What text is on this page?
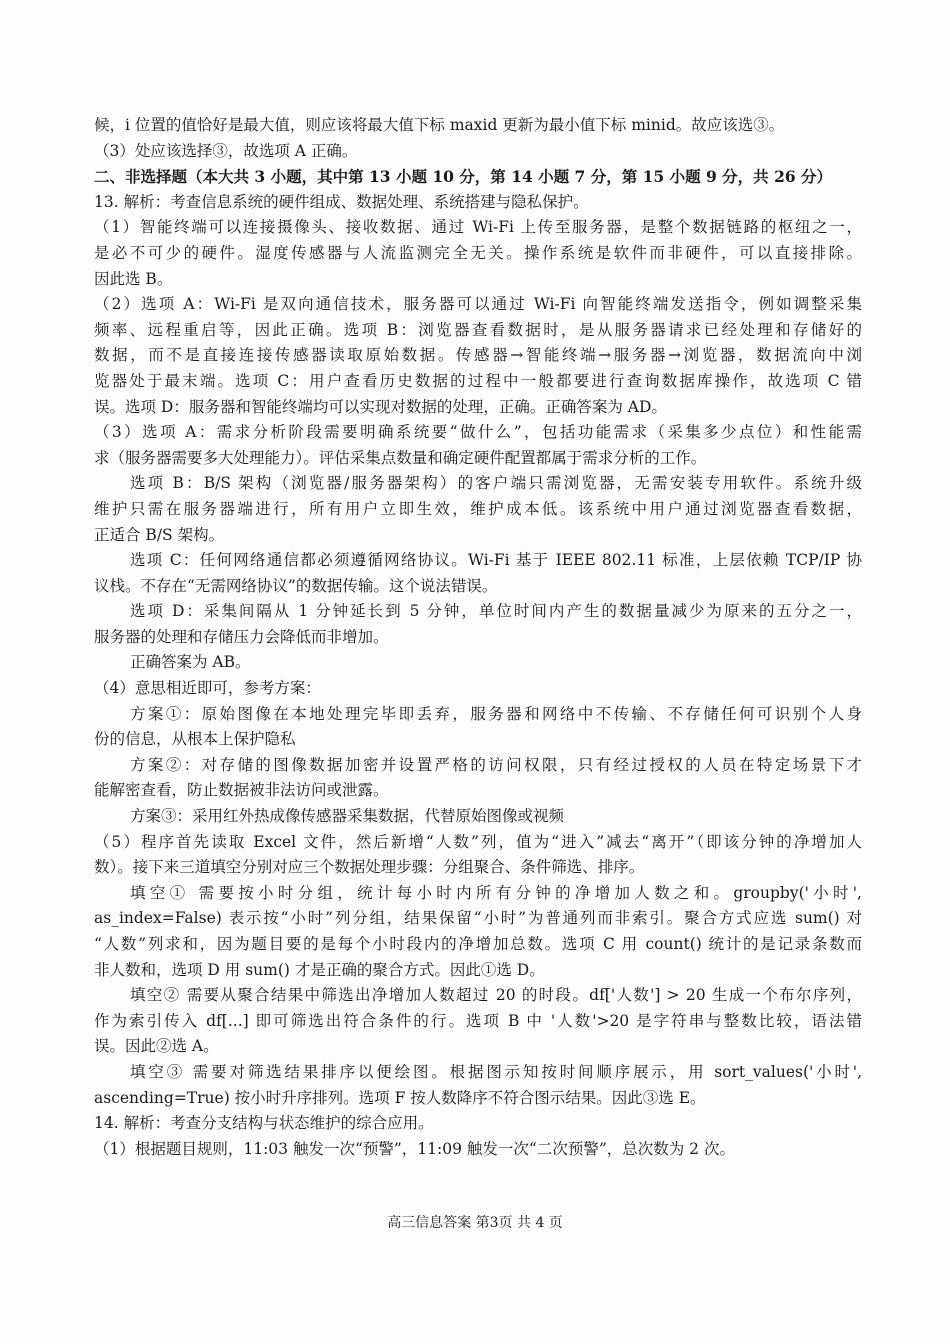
候，i 位置的值恰好是最大值，则应该将最大值下标 maxid 更新为最小值下标 minid。故应该选③。
（3）处应该选择③，故选项 A 正确。
二、非选择题（本大共 3 小题，其中第 13 小题 10 分，第 14 小题 7 分，第 15 小题 9 分，共 26 分）
13. 解析：考查信息系统的硬件组成、数据处理、系统搭建与隐私保护。
（1）智能终端可以连接摄像头、接收数据、通过 Wi-Fi 上传至服务器，是整个数据链路的枢纽之一，
是必不可少的硬件。湿度传感器与人流监测完全无关。操作系统是软件而非硬件，可以直接排除。
因此选 B。
（2）选项 A：Wi-Fi 是双向通信技术，服务器可以通过 Wi-Fi 向智能终端发送指令，例如调整采集
频率、远程重启等，因此正确。选项 B：浏览器查看数据时，是从服务器请求已经处理和存储好的
数据，而不是直接连接传感器读取原始数据。传感器→智能终端→服务器→浏览器，数据流向中浏
览器处于最末端。选项 C：用户查看历史数据的过程中一般都要进行查询数据库操作，故选项 C 错
误。选项 D：服务器和智能终端均可以实现对数据的处理，正确。正确答案为 AD。
（3）选项 A：需求分析阶段需要明确系统要“做什么”，包括功能需求（采集多少点位）和性能需
求（服务器需要多大处理能力）。评估采集点数量和确定硬件配置都属于需求分析的工作。
选项 B：B/S 架构（浏览器/服务器架构）的客户端只需浏览器，无需安装专用软件。系统升级
维护只需在服务器端进行，所有用户立即生效，维护成本低。该系统中用户通过浏览器查看数据，
正适合 B/S 架构。
选项 C：任何网络通信都必须遵循网络协议。Wi-Fi 基于 IEEE 802.11 标准，上层依赖 TCP/IP 协
议栈。不存在“无需网络协议”的数据传输。这个说法错误。
选项 D：采集间隔从 1 分钟延长到 5 分钟，单位时间内产生的数据量减少为原来的五分之一，
服务器的处理和存储压力会降低而非增加。
正确答案为 AB。
（4）意思相近即可，参考方案：
方案①：原始图像在本地处理完毕即丢弃，服务器和网络中不传输、不存储任何可识别个人身
份的信息，从根本上保护隐私
方案②：对存储的图像数据加密并设置严格的访问权限，只有经过授权的人员在特定场景下才
能解密查看，防止数据被非法访问或泄露。
方案③：采用红外热成像传感器采集数据，代替原始图像或视频
（5）程序首先读取 Excel 文件，然后新增“人数”列，值为“进入”减去“离开”（即该分钟的净增加人
数）。接下来三道填空分别对应三个数据处理步骤：分组聚合、条件筛选、排序。
填空① 需要按小时分组，统计每小时内所有分钟的净增加人数之和。groupby('小时',
as_index=False) 表示按“小时”列分组，结果保留“小时”为普通列而非索引。聚合方式应选 sum() 对
“人数”列求和，因为题目要的是每个小时段内的净增加总数。选项 C 用 count() 统计的是记录条数而
非人数和，选项 D 用 sum() 才是正确的聚合方式。因此①选 D。
填空② 需要从聚合结果中筛选出净增加人数超过 20 的时段。df['人数'] > 20 生成一个布尔序列，
作为索引传入 df[...] 即可筛选出符合条件的行。选项 B 中 '人数'>20 是字符串与整数比较，语法错
误。因此②选 A。
填空③ 需要对筛选结果排序以便绘图。根据图示知按时间顺序展示，用 sort_values('小时',
ascending=True) 按小时升序排列。选项 F 按人数降序不符合图示结果。因此③选 E。
14. 解析：考查分支结构与状态维护的综合应用。
（1）根据题目规则，11:03 触发一次“预警”，11:09 触发一次“二次预警”，总次数为 2 次。
高三信息答案 第3页 共 4 页
